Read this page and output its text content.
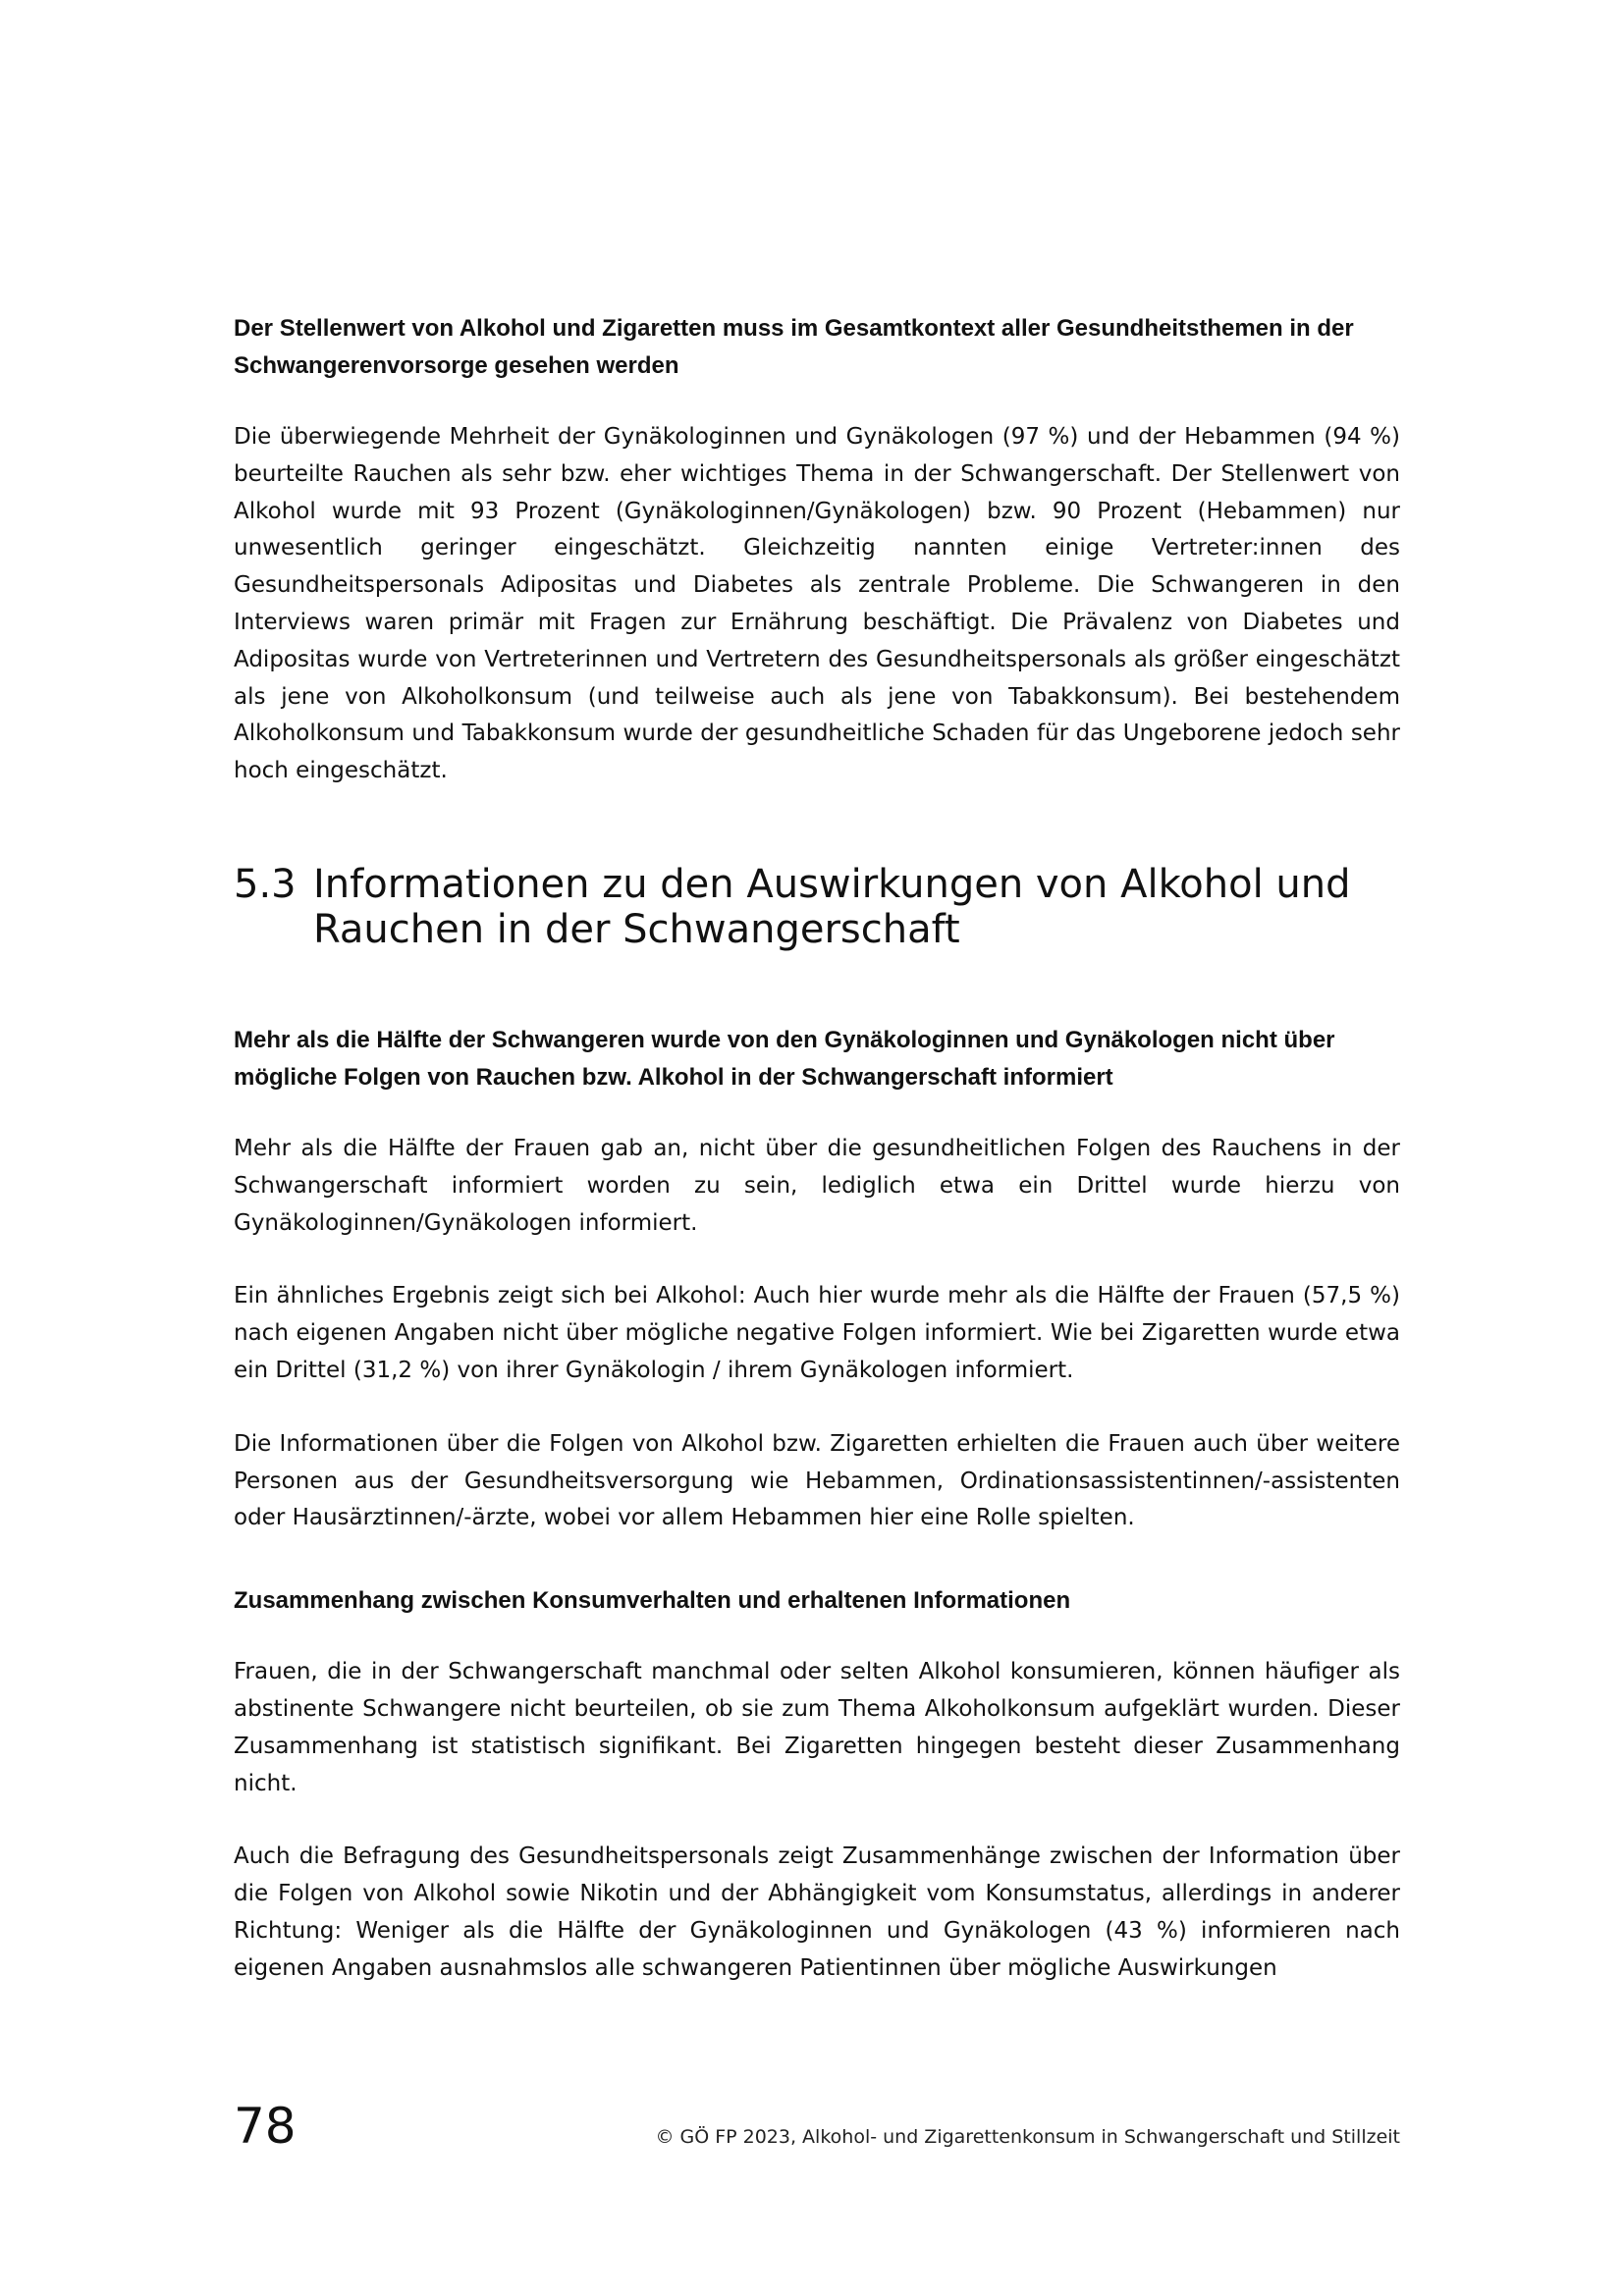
Der Stellenwert von Alkohol und Zigaretten muss im Gesamtkontext aller Gesundheitsthemen in der Schwangerenvorsorge gesehen werden

Die überwiegende Mehrheit der Gynäkologinnen und Gynäkologen (97 %) und der Hebammen (94 %) beurteilte Rauchen als sehr bzw. eher wichtiges Thema in der Schwangerschaft. Der Stellenwert von Alkohol wurde mit 93 Prozent (Gynäkologinnen/Gynäkologen) bzw. 90 Prozent (Hebammen) nur unwesentlich geringer eingeschätzt. Gleichzeitig nannten einige Vertreter:innen des Gesundheitspersonals Adipositas und Diabetes als zentrale Probleme. Die Schwangeren in den Interviews waren primär mit Fragen zur Ernährung beschäftigt. Die Prävalenz von Diabetes und Adipositas wurde von Vertreterinnen und Vertretern des Gesundheitspersonals als größer eingeschätzt als jene von Alkoholkonsum (und teilweise auch als jene von Tabakkonsum). Bei bestehendem Alkoholkonsum und Tabakkonsum wurde der gesundheitliche Schaden für das Ungeborene jedoch sehr hoch eingeschätzt.

5.3 Informationen zu den Auswirkungen von Alkohol und Rauchen in der Schwangerschaft

Mehr als die Hälfte der Schwangeren wurde von den Gynäkologinnen und Gynäkologen nicht über mögliche Folgen von Rauchen bzw. Alkohol in der Schwangerschaft informiert

Mehr als die Hälfte der Frauen gab an, nicht über die gesundheitlichen Folgen des Rauchens in der Schwangerschaft informiert worden zu sein, lediglich etwa ein Drittel wurde hierzu von Gynäkologinnen/Gynäkologen informiert.

Ein ähnliches Ergebnis zeigt sich bei Alkohol: Auch hier wurde mehr als die Hälfte der Frauen (57,5 %) nach eigenen Angaben nicht über mögliche negative Folgen informiert. Wie bei Zigaretten wurde etwa ein Drittel (31,2 %) von ihrer Gynäkologin / ihrem Gynäkologen informiert.

Die Informationen über die Folgen von Alkohol bzw. Zigaretten erhielten die Frauen auch über weitere Personen aus der Gesundheitsversorgung wie Hebammen, Ordinationsassistentinnen/-assistenten oder Hausärztinnen/-ärzte, wobei vor allem Hebammen hier eine Rolle spielten.

Zusammenhang zwischen Konsumverhalten und erhaltenen Informationen

Frauen, die in der Schwangerschaft manchmal oder selten Alkohol konsumieren, können häufiger als abstinente Schwangere nicht beurteilen, ob sie zum Thema Alkoholkonsum aufgeklärt wurden. Dieser Zusammenhang ist statistisch signifikant. Bei Zigaretten hingegen besteht dieser Zusammenhang nicht.

Auch die Befragung des Gesundheitspersonals zeigt Zusammenhänge zwischen der Information über die Folgen von Alkohol sowie Nikotin und der Abhängigkeit vom Konsumstatus, allerdings in anderer Richtung: Weniger als die Hälfte der Gynäkologinnen und Gynäkologen (43 %) informieren nach eigenen Angaben ausnahmslos alle schwangeren Patientinnen über mögliche Auswirkungen

78	© GÖ FP 2023, Alkohol- und Zigarettenkonsum in Schwangerschaft und Stillzeit
